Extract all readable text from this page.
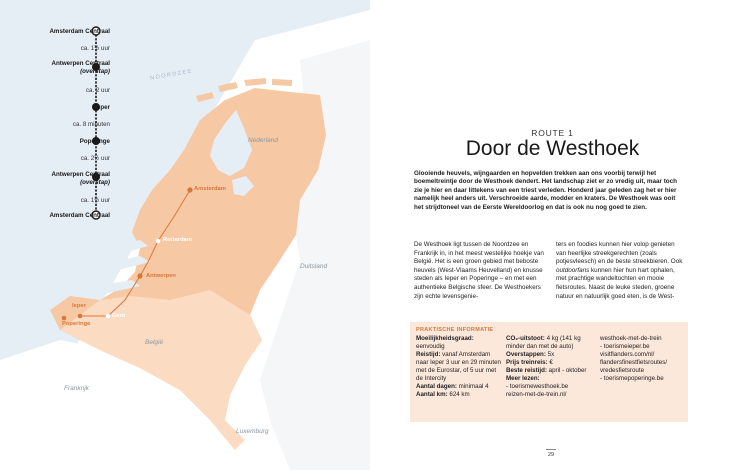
Amsterdam Centraal
ca. 1½ uur
Antwerpen Centraal
(overstap)
ca. 2 uur
Ieper
ca. 8 minuten
Poperinge
ca. 2½ uur
Antwerpen Centraal
(overstap)
ca. 1½ uur
Amsterdam Centraal
NOORDZEE
Nederland
Duitsland
België
Frankrijk
Luxemburg
Amsterdam
Rotterdam
Antwerpen
Gent
Ieper
Poperinge
ROUTE 1
Door de Westhoek
Glooiende heuvels, wijngaarden en hopvelden trekken aan ons voorbij terwijl het boemeltreintje door de Westhoek dendert. Het landschap ziet er zo vredig uit, maar toch zie je hier en daar littekens van een triest verleden. Honderd jaar geleden zag het er hier namelijk heel anders uit. Verschroeide aarde, modder en kraters. De Westhoek was ooit het strijdtoneel van de Eerste Wereldoorlog en dat is ook nu nog goed te zien.
De Westhoek ligt tussen de Noordzee en Frankrijk in, in het meest westelijke hoekje van België. Het is een groen gebied met beboste heuvels (West-Vlaams Heuvelland) en knusse steden als Ieper en Poperinge – en met een authentieke Belgische sfeer. De Westhoekers zijn echte levensgenie-
ters en foodies kunnen hier volop genieten van heerlijke streekgerechten (zoals potjesvleesch) en de beste streekbieren. Ook outdoorfans kunnen hier hun hart ophalen, met prachtige wandeltochten en mooie fietsroutes. Naast de leuke steden, groene natuur en natuurlijk goed eten, is de West-
PRAKTISCHE INFORMATIE
Moeilijkheidsgraad:
eenvoudig
Reistijd: vanaf Amsterdam naar Ieper 3 uur en 29 minuten met de Eurostar, of 5 uur met de Intercity
Aantal dagen: minimaal 4
Aantal km: 624 km
CO₂-uitstoot: 4 kg (141 kg minder dan met de auto)
Overstappen: 5x
Prijs treinreis: €
Beste reistijd: april - oktober
Meer lezen:
- toerismewesthoek.be
reizen-met-de-trein.nl/
westhoek-met-de-trein
- toerismeieper.be
visitflanders.com/nl/
flandersfinestfietsroutes/
vredesfietsroute
- toerismepoperinge.be
29
